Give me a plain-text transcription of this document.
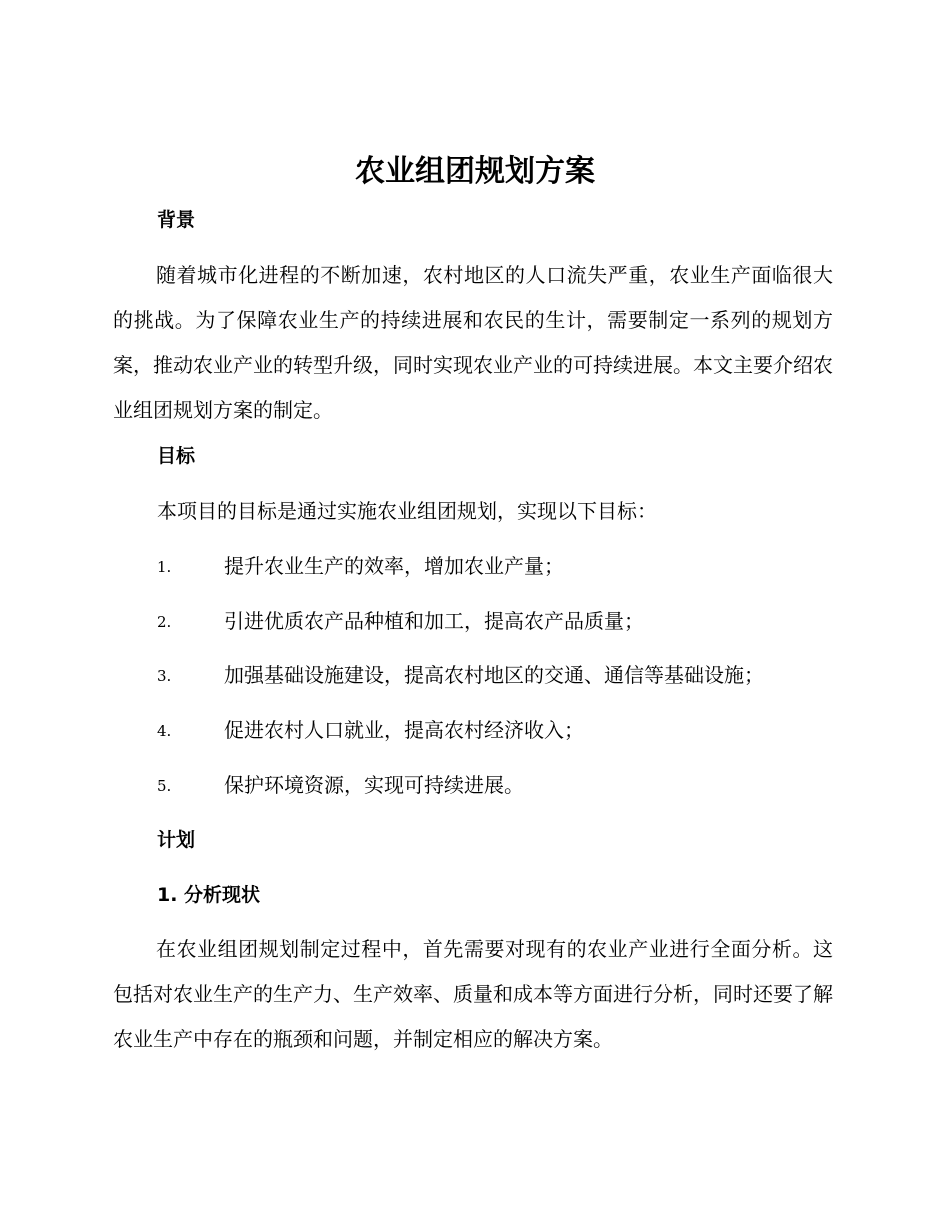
农业组团规划方案
背景

随着城市化进程的不断加速，农村地区的人口流失严重，农业生产面临很大的挑战。为了保障农业生产的持续进展和农民的生计，需要制定一系列的规划方案，推动农业产业的转型升级，同时实现农业产业的可持续进展。本文主要介绍农业组团规划方案的制定。

目标

本项目的目标是通过实施农业组团规划，实现以下目标：

1.	提升农业生产的效率，增加农业产量；
2.	引进优质农产品种植和加工，提高农产品质量；
3.	加强基础设施建设，提高农村地区的交通、通信等基础设施；
4.	促进农村人口就业，提高农村经济收入；
5.	保护环境资源，实现可持续进展。
计划
1. 分析现状

在农业组团规划制定过程中，首先需要对现有的农业产业进行全面分析。这包括对农业生产的生产力、生产效率、质量和成本等方面进行分析，同时还要了解农业生产中存在的瓶颈和问题，并制定相应的解决方案。
